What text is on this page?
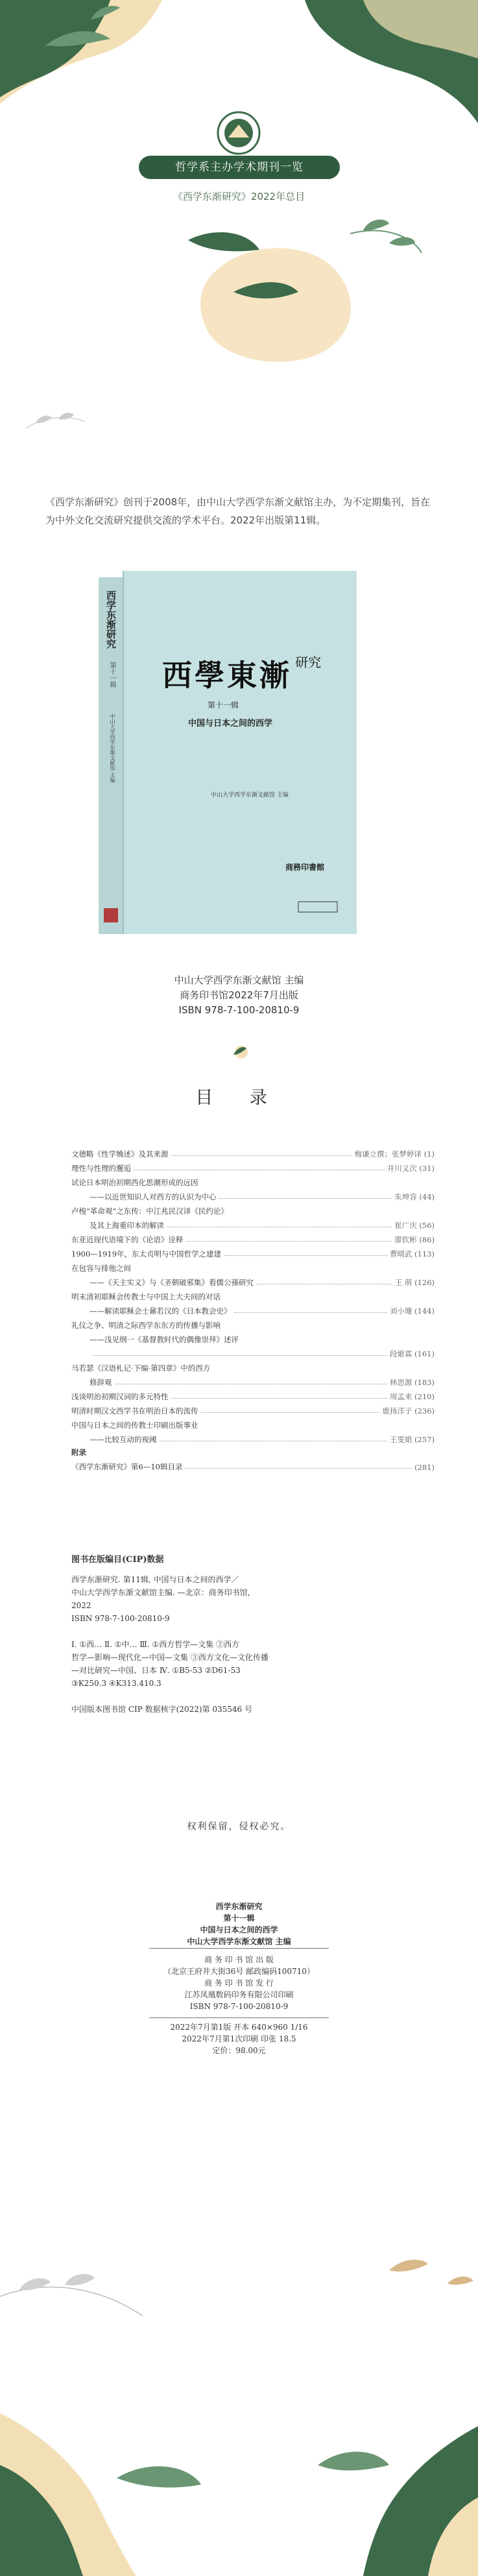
哲学系主办学术期刊一览
《西学东渐研究》2022年总目

《西学东渐研究》创刊于2008年，由中山大学西学东渐文献馆主办，为不定期集刊，旨在为中外文化交流研究提供交流的学术平台。2022年出版第11辑。

西学东渐研究
第十一辑
中山大学西学东渐文献馆 主编
西學東漸 研究
第十一辑
中国与日本之间的西学
中山大学西学东渐文献馆 主编
商務印書館
中山大学西学东渐文献馆 主编
商务印书馆2022年7月出版
ISBN 978-7-100-20810-9
目 录
文德略《性学觕述》及其来源	梅谦立撰；张梦婷译 (1)
理性与性理的邂逅	井川义次 (31)
试论日本明治初期西化思潮形成的远因
——以近世知识人对西方的认识为中心	朱坤容 (44)
卢梭“革命观”之东传：中江兆民汉译《民约论》
及其上海重印本的解读	崔广庆 (56)
东亚近现代语境下的《论语》诠释	廖钦彬 (86)
1900—1919年，东太贞明与中国哲学之建建	曹晴武 (113)
在包容与排他之间
——《天主实义》与《圣朝破邪集》看儒公孫研究	王 萌 (126)
明末清初耶稣会传教士与中国上大夫间的对话
——解读耶稣会士鼐若汉的《日本教会史》	刘小珊 (144)
礼仪之争、明清之际西学东东方的传播与影响
——浅见纲一《基督教时代的偶像崇拜》述评
段姬霖 (161)
马若瑟《汉语札记·下编·第四章》中的西方
修辞观	林思源 (183)
浅谈明治初期汉词的多元特性	周孟来 (210)
明清时期汉文西学书在明治日本的流传	鹿扬洋子 (236)
中国与日本之间的传教士印刷出版事业
——比较互动的视阈	王雯娟 (257)
附录
《西学东渐研究》第6—10辑目录	(281)
图书在版编目(CIP)数据
西学东渐研究. 第11辑, 中国与日本之间的西学／
中山大学西学东渐文献馆主编. —北京：商务印书馆，
2022
ISBN 978-7-100-20810-9

Ⅰ. ①西… Ⅱ. ①中… Ⅲ. ①西方哲学—文集 ②西方
哲学—影响—现代化—中国—文集 ③西方文化—文化传播
—对比研究—中国、日本 Ⅳ. ①B5-53 ②D61-53
③K250.3 ④K313.410.3

中国版本图书馆 CIP 数据核字(2022)第 035546 号
权利保留，侵权必究。
西学东渐研究
第十一辑
中国与日本之间的西学
中山大学西学东渐文献馆 主编
商 务 印 书 馆 出 版
（北京王府井大街36号 邮政编码100710）
商 务 印 书 馆 发 行
江苏凤凰数码印务有限公司印刷
ISBN 978-7-100-20810-9
2022年7月第1版 开本 640×960 1/16
2022年7月第1次印刷 印张 18.5
定价：98.00元
